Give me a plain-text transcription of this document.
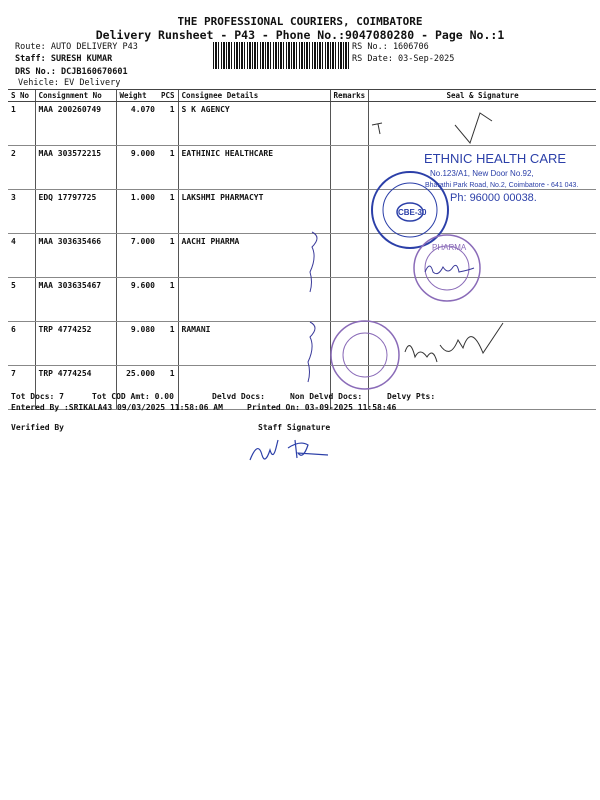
THE PROFESSIONAL COURIERS, COIMBATORE
Delivery Runsheet - P43 - Phone No.:9047080280 - Page No.:1
Route: AUTO DELIVERY P43
Staff: SURESH KUMAR
DRS No.: DCJB160670601
Vehicle: EV Delivery
RS No.: 1606706
RS Date: 03-Sep-2025
S No	Consignment No	Weight	PCS	Consignee Details	Remarks	Seal & Signature
1	MAA 200260749	4.070	1	S K AGENCY		
2	MAA 303572215	9.000	1	EATHINIC HEALTHCARE		
3	EDQ 17797725	1.000	1	LAKSHMI PHARMACYT		
4	MAA 303635466	7.000	1	AACHI PHARMA		
5	MAA 303635467	9.600	1			
6	TRP 4774252	9.080	1	RAMANI		
7	TRP 4774254	25.000	1			
ETHNIC HEALTH CARE
No.123/A1, New Door No.92,
Bharathi Park Road, No.2, Coimbatore - 641 043.
Ph: 96000 00038.
CBE-30
PHARMA
Tot Docs: 7	Tot COD Amt: 0.00	Delvd Docs:	Non Delvd Docs:	Delvy Pts:
Entered By :SRIKALA43 09/03/2025 11:58:06 AM	Printed On: 03-09-2025 11:58:46
Verified By	Staff Signature
